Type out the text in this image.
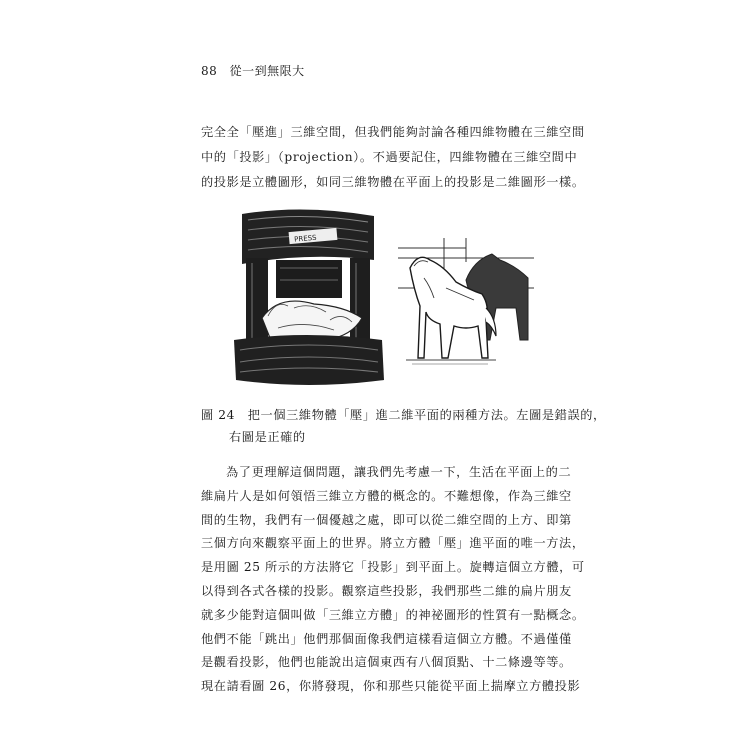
88 從一到無限大

完全全「壓進」三維空間，但我們能夠討論各種四維物體在三維空間

中的「投影」（projection）。不過要記住，四維物體在三維空間中

的投影是立體圖形，如同三維物體在平面上的投影是二維圖形一樣。

PRESS

圖 24　把一個三維物體「壓」進二維平面的兩種方法。左圖是錯誤的，

右圖是正確的

為了更理解這個問題，讓我們先考慮一下，生活在平面上的二

維扁片人是如何領悟三維立方體的概念的。不難想像，作為三維空

間的生物，我們有一個優越之處，即可以從二維空間的上方、即第

三個方向來觀察平面上的世界。將立方體「壓」進平面的唯一方法，

是用圖 25 所示的方法將它「投影」到平面上。旋轉這個立方體，可

以得到各式各樣的投影。觀察這些投影，我們那些二維的扁片朋友

就多少能對這個叫做「三維立方體」的神祕圖形的性質有一點概念。

他們不能「跳出」他們那個面像我們這樣看這個立方體。不過僅僅

是觀看投影，他們也能說出這個東西有八個頂點、十二條邊等等。

現在請看圖 26，你將發現，你和那些只能從平面上揣摩立方體投影
